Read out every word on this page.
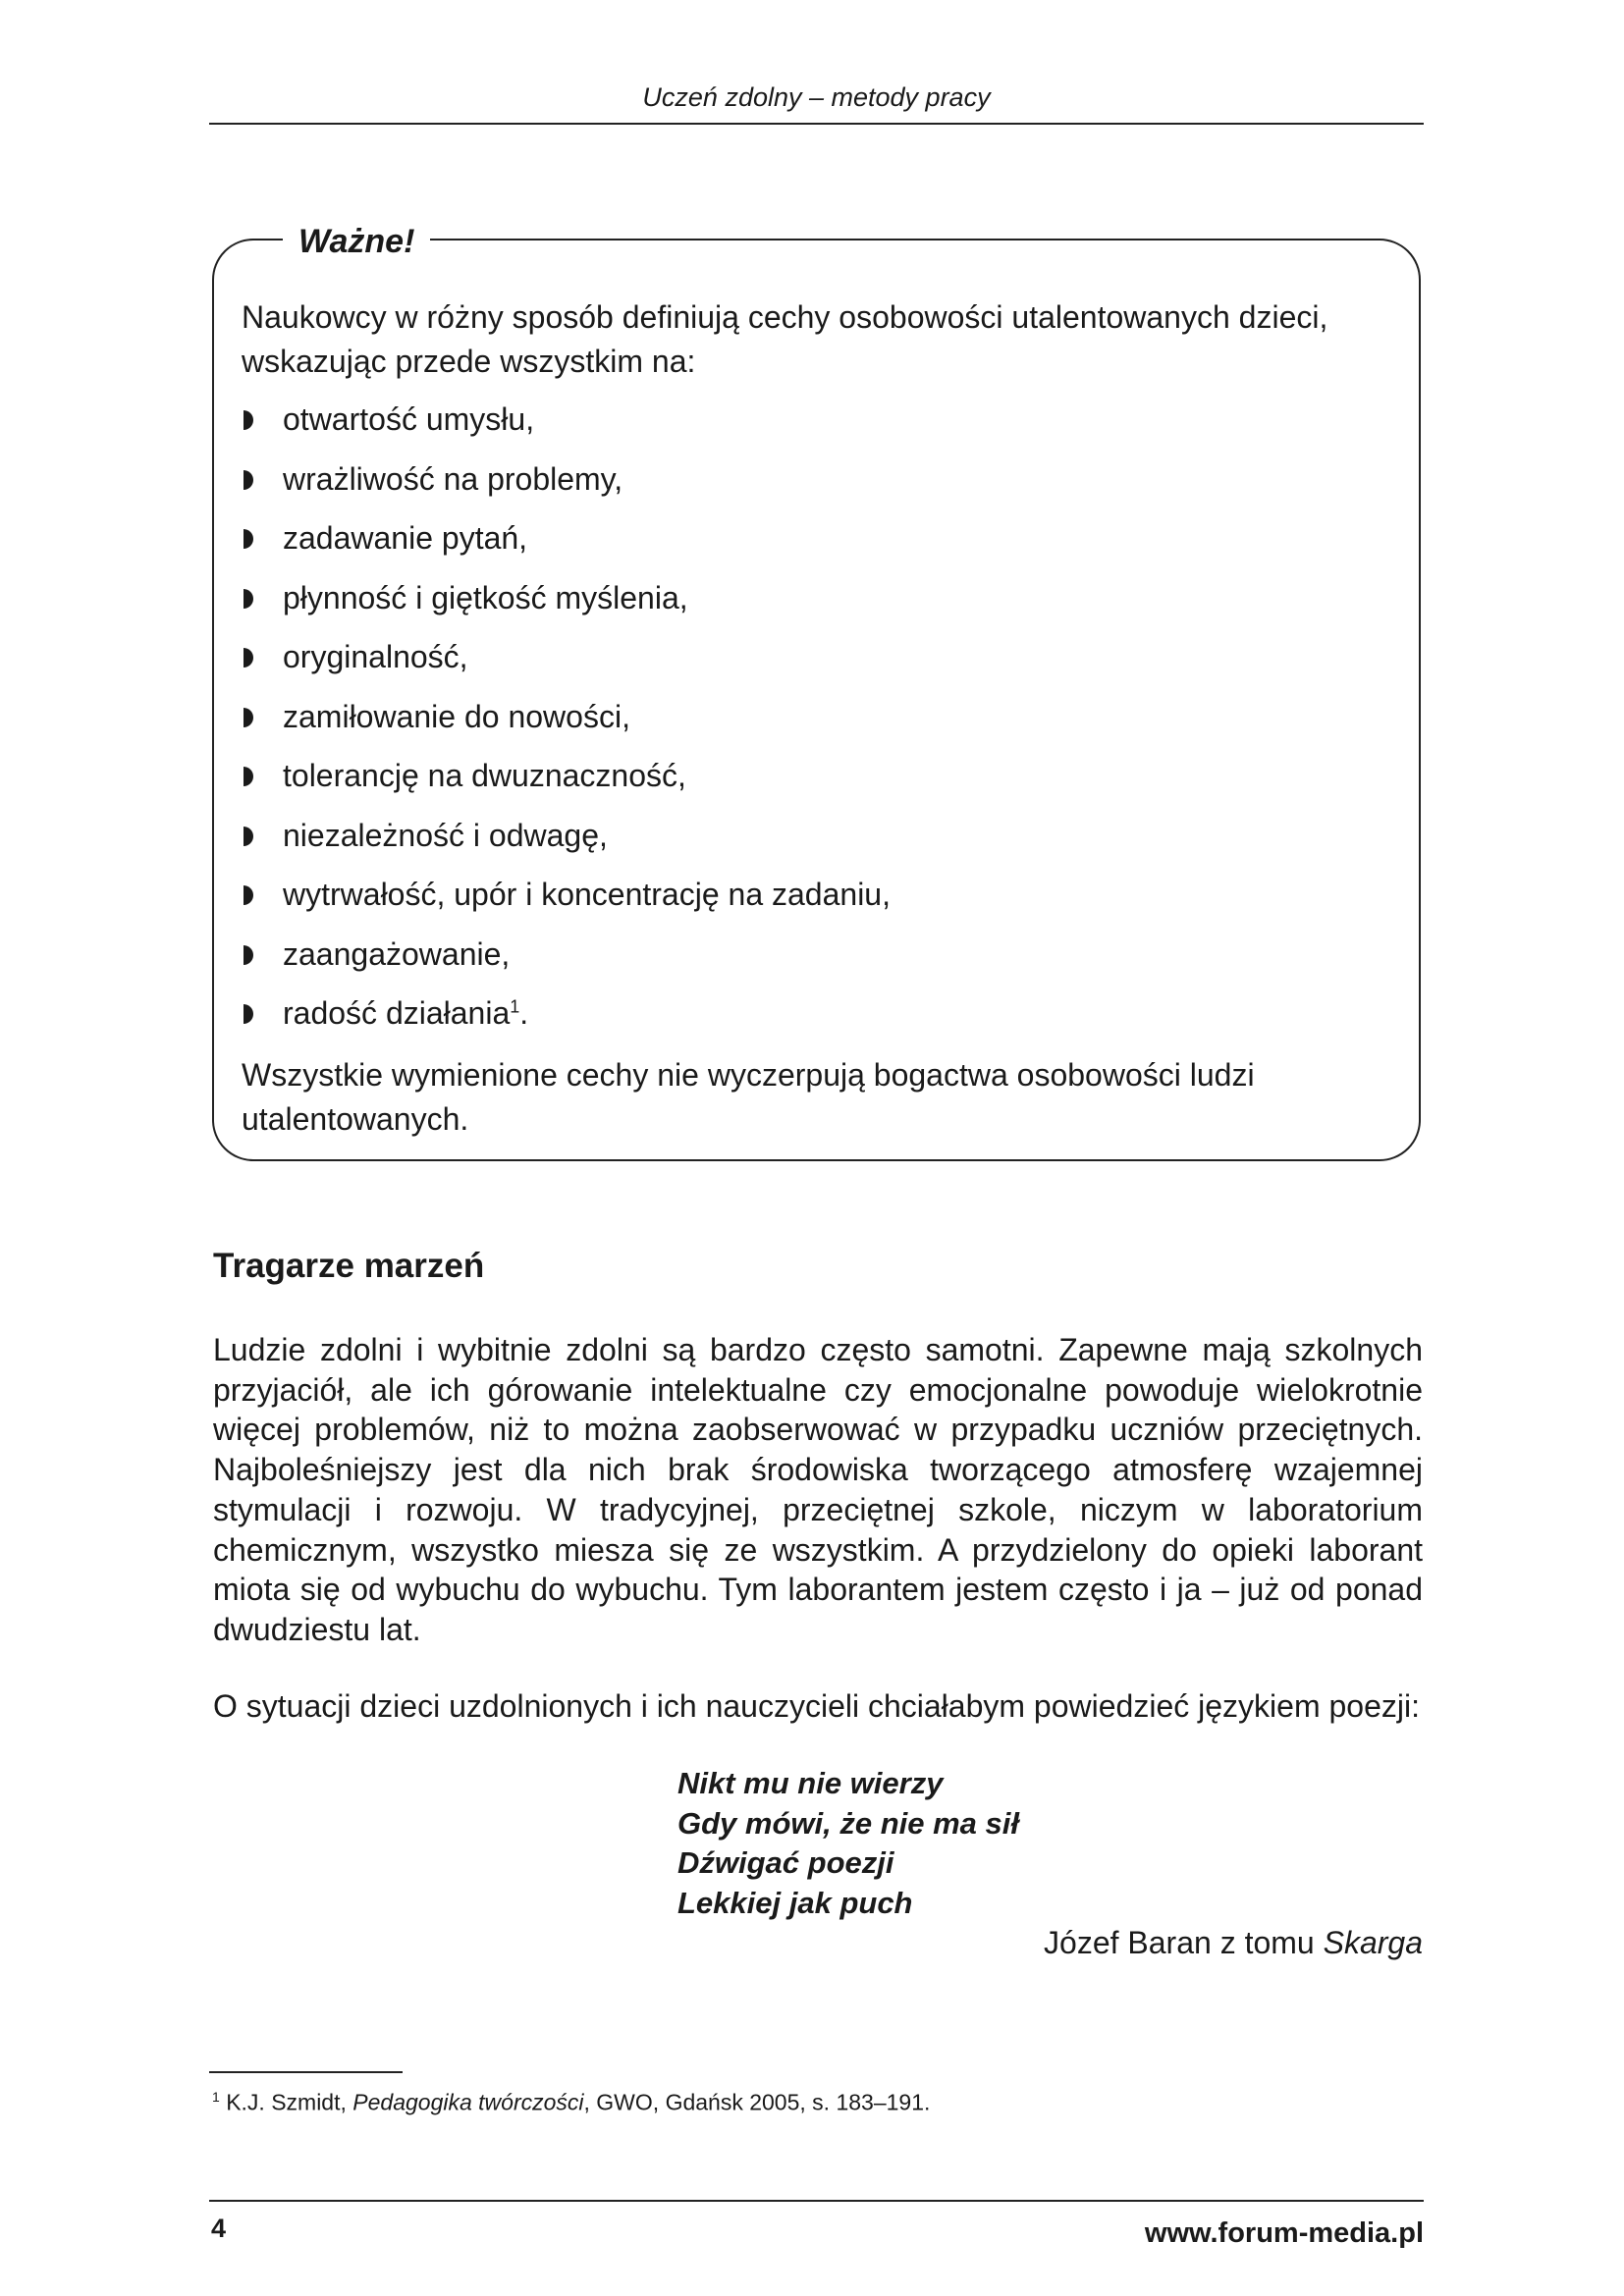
Uczeń zdolny – metody pracy
Ważne!

Naukowcy w różny sposób definiują cechy osobowości utalentowanych dzieci, wskazując przede wszystkim na:

otwartość umysłu,
wrażliwość na problemy,
zadawanie pytań,
płynność i giętkość myślenia,
oryginalność,
zamiłowanie do nowości,
tolerancję na dwuznaczność,
niezależność i odwagę,
wytrwałość, upór i koncentrację na zadaniu,
zaangażowanie,
radość działania$^1$.

Wszystkie wymienione cechy nie wyczerpują bogactwa osobowości ludzi utalentowanych.

Tragarze marzeń

Ludzie zdolni i wybitnie zdolni są bardzo często samotni. Zapewne mają szkolnych przyjaciół, ale ich górowanie intelektualne czy emocjonalne powoduje wielokrotnie więcej problemów, niż to można zaobserwować w przypadku uczniów przeciętnych. Najboleśniejszy jest dla nich brak środowiska tworzącego atmosferę wzajemnej stymulacji i rozwoju. W tradycyjnej, przeciętnej szkole, niczym w laboratorium chemicznym, wszystko miesza się ze wszystkim. A przydzielony do opieki laborant miota się od wybuchu do wybuchu. Tym laborantem jestem często i ja – już od ponad dwudziestu lat.

O sytuacji dzieci uzdolnionych i ich nauczycieli chciałabym powiedzieć językiem poezji:

Nikt mu nie wierzy
Gdy mówi, że nie ma sił
Dźwigać poezji
Lekkiej jak puch
Józef Baran z tomu Skarga
$^1$ K.J. Szmidt, Pedagogika twórczości, GWO, Gdańsk 2005, s. 183–191.
4	www.forum-media.pl
